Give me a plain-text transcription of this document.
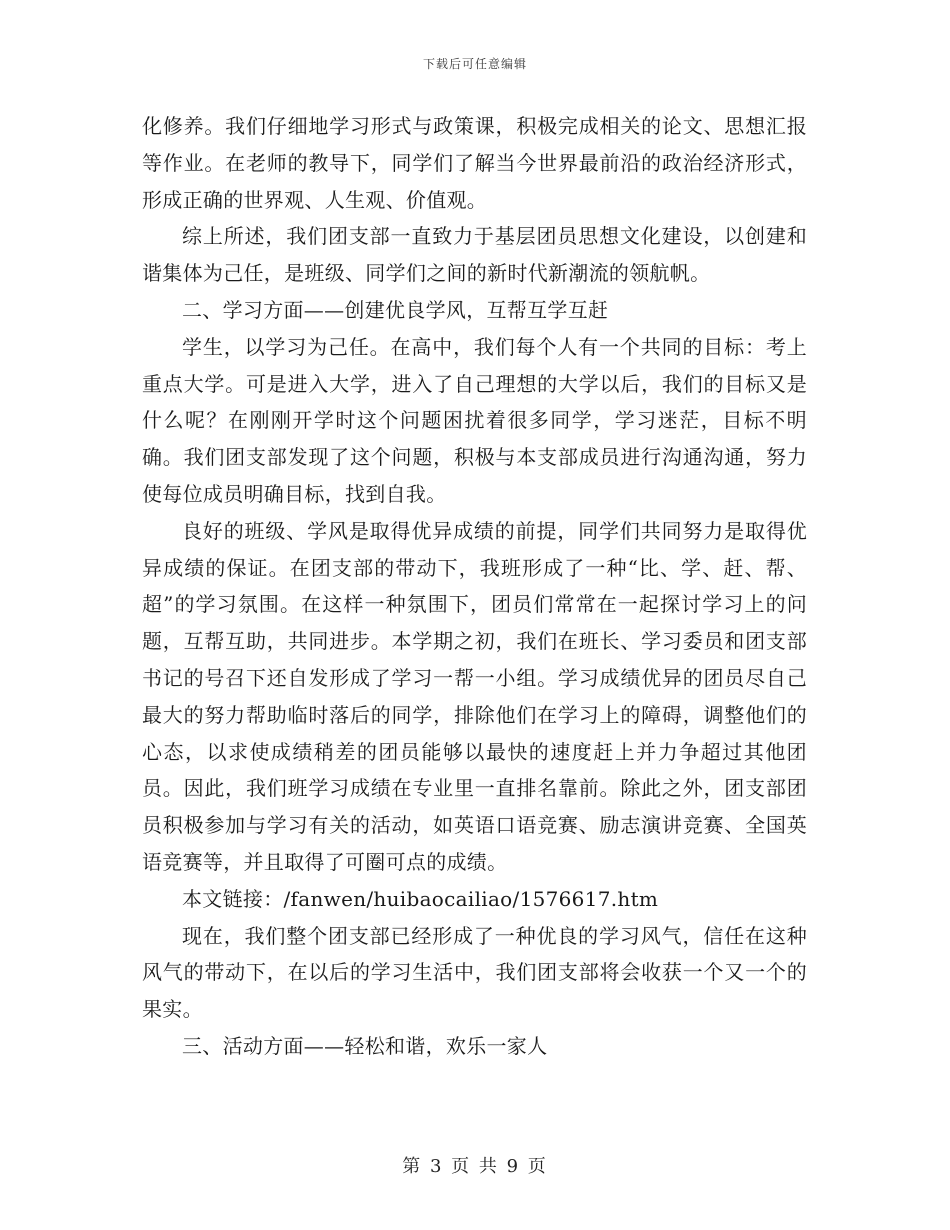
下载后可任意编辑

化修养。我们仔细地学习形式与政策课，积极完成相关的论文、思想汇报等作业。在老师的教导下，同学们了解当今世界最前沿的政治经济形式，形成正确的世界观、人生观、价值观。

综上所述，我们团支部一直致力于基层团员思想文化建设，以创建和谐集体为己任，是班级、同学们之间的新时代新潮流的领航帆。

二、学习方面——创建优良学风，互帮互学互赶

学生，以学习为己任。在高中，我们每个人有一个共同的目标：考上重点大学。可是进入大学，进入了自己理想的大学以后，我们的目标又是什么呢？在刚刚开学时这个问题困扰着很多同学，学习迷茫，目标不明确。我们团支部发现了这个问题，积极与本支部成员进行沟通沟通，努力使每位成员明确目标，找到自我。

良好的班级、学风是取得优异成绩的前提，同学们共同努力是取得优异成绩的保证。在团支部的带动下，我班形成了一种“比、学、赶、帮、超”的学习氛围。在这样一种氛围下，团员们常常在一起探讨学习上的问题，互帮互助，共同进步。本学期之初，我们在班长、学习委员和团支部书记的号召下还自发形成了学习一帮一小组。学习成绩优异的团员尽自己最大的努力帮助临时落后的同学，排除他们在学习上的障碍，调整他们的心态，以求使成绩稍差的团员能够以最快的速度赶上并力争超过其他团员。因此，我们班学习成绩在专业里一直排名靠前。除此之外，团支部团员积极参加与学习有关的活动，如英语口语竞赛、励志演讲竞赛、全国英语竞赛等，并且取得了可圈可点的成绩。

本文链接：/fanwen/huibaocailiao/1576617.htm

现在，我们整个团支部已经形成了一种优良的学习风气，信任在这种风气的带动下，在以后的学习生活中，我们团支部将会收获一个又一个的果实。

三、活动方面——轻松和谐，欢乐一家人

第 3 页 共 9 页
